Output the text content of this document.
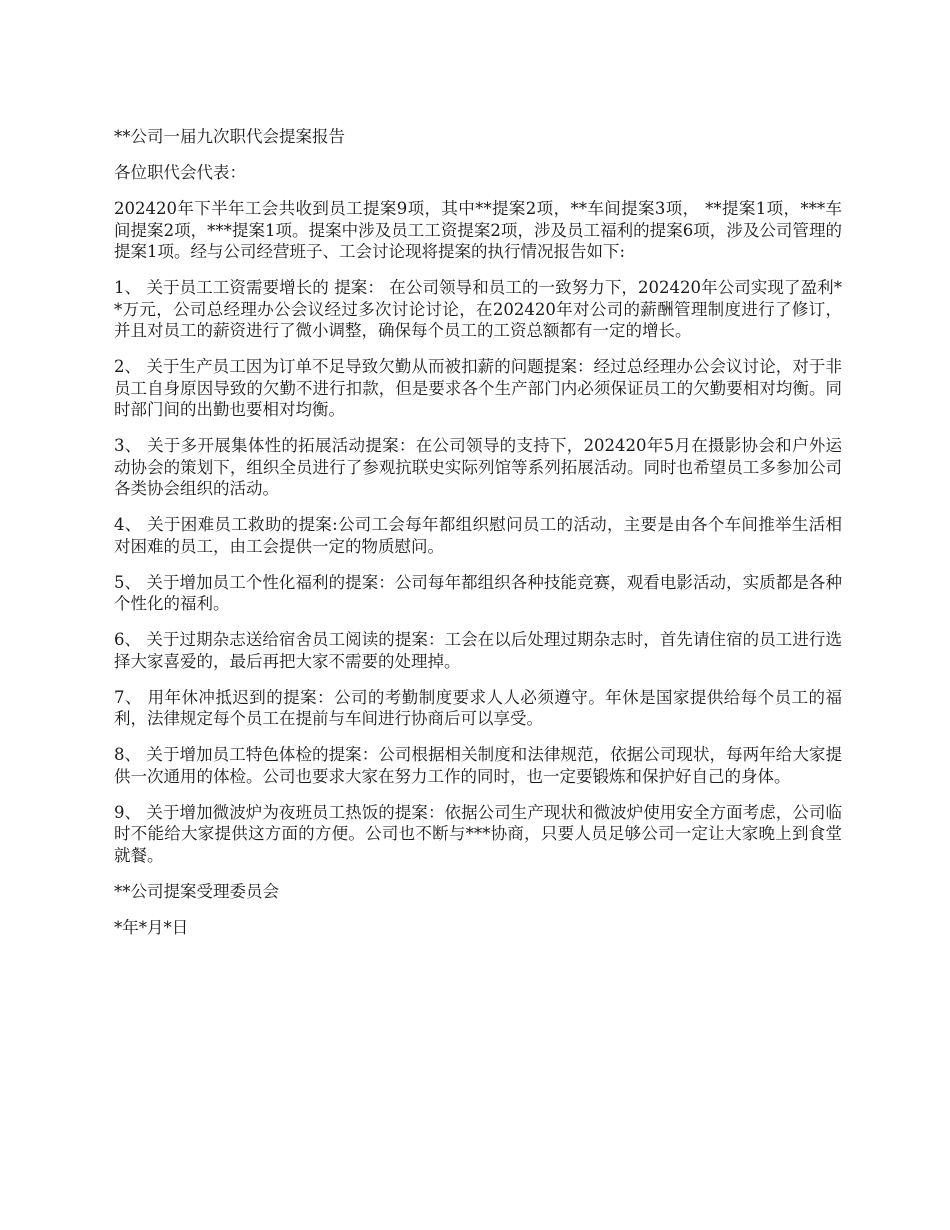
**公司一届九次职代会提案报告

各位职代会代表：

202420年下半年工会共收到员工提案9项，其中**提案2项，**车间提案3项， **提案1项，***车间提案2项，***提案1项。提案中涉及员工工资提案2项，涉及员工福利的提案6项，涉及公司管理的提案1项。经与公司经营班子、工会讨论现将提案的执行情况报告如下:

1、 关于员工工资需要增长的 提案： 在公司领导和员工的一致努力下，202420年公司实现了盈利**万元，公司总经理办公会议经过多次讨论讨论，在202420年对公司的薪酬管理制度进行了修订，并且对员工的薪资进行了微小调整，确保每个员工的工资总额都有一定的增长。

2、 关于生产员工因为订单不足导致欠勤从而被扣薪的问题提案：经过总经理办公会议讨论，对于非员工自身原因导致的欠勤不进行扣款，但是要求各个生产部门内必须保证员工的欠勤要相对均衡。同时部门间的出勤也要相对均衡。

3、 关于多开展集体性的拓展活动提案：在公司领导的支持下，202420年5月在摄影协会和户外运动协会的策划下，组织全员进行了参观抗联史实际列馆等系列拓展活动。同时也希望员工多参加公司各类协会组织的活动。

4、 关于困难员工救助的提案:公司工会每年都组织慰问员工的活动，主要是由各个车间推举生活相对困难的员工，由工会提供一定的物质慰问。

5、 关于增加员工个性化福利的提案：公司每年都组织各种技能竞赛，观看电影活动，实质都是各种个性化的福利。

6、 关于过期杂志送给宿舍员工阅读的提案：工会在以后处理过期杂志时，首先请住宿的员工进行选择大家喜爱的，最后再把大家不需要的处理掉。

7、 用年休冲抵迟到的提案：公司的考勤制度要求人人必须遵守。年休是国家提供给每个员工的福利，法律规定每个员工在提前与车间进行协商后可以享受。

8、 关于增加员工特色体检的提案：公司根据相关制度和法律规范，依据公司现状，每两年给大家提供一次通用的体检。公司也要求大家在努力工作的同时，也一定要锻炼和保护好自己的身体。

9、 关于增加微波炉为夜班员工热饭的提案：依据公司生产现状和微波炉使用安全方面考虑，公司临时不能给大家提供这方面的方便。公司也不断与***协商，只要人员足够公司一定让大家晚上到食堂就餐。

**公司提案受理委员会

*年*月*日
